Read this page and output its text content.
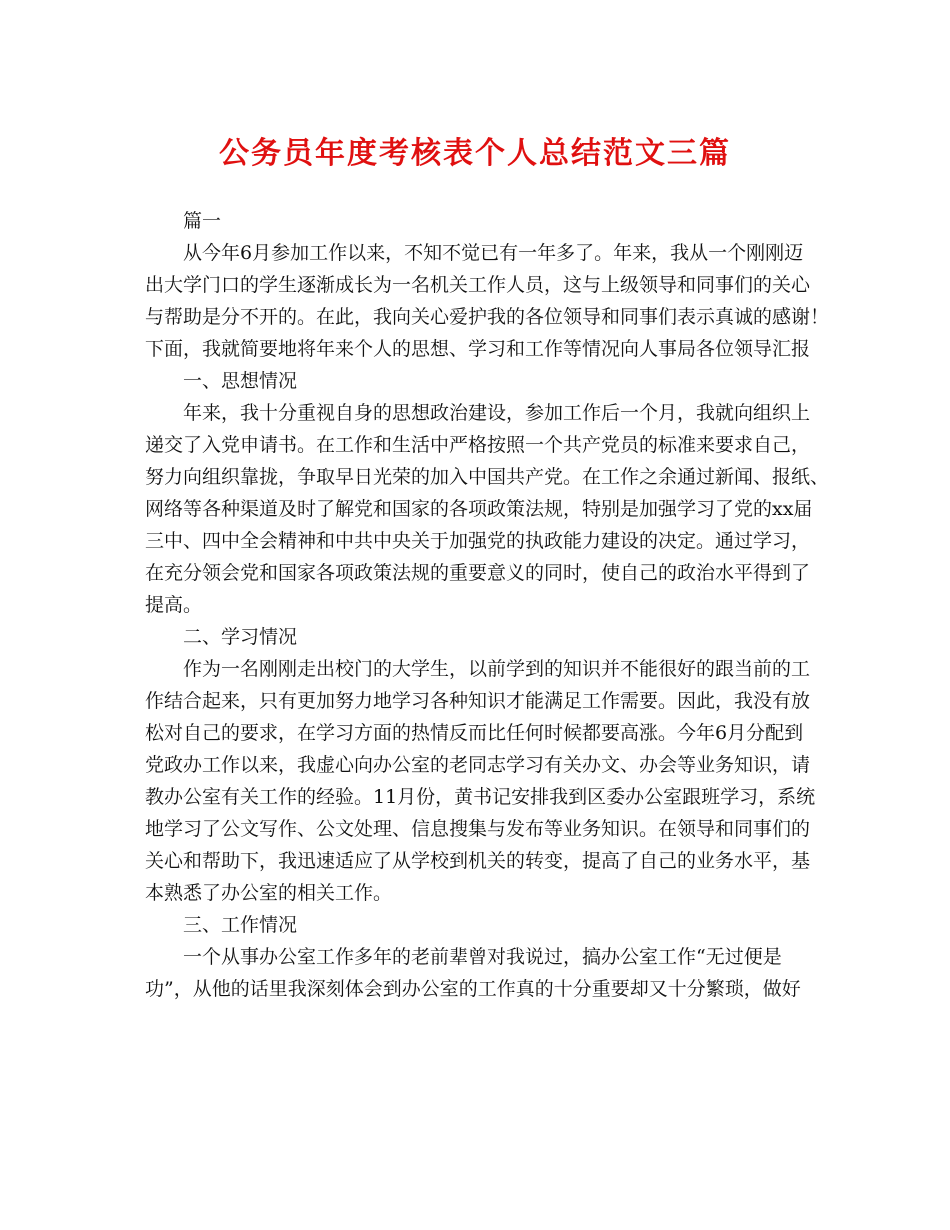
公务员年度考核表个人总结范文三篇
篇一
从今年6月参加工作以来，不知不觉已有一年多了。年来，我从一个刚刚迈
出大学门口的学生逐渐成长为一名机关工作人员，这与上级领导和同事们的关心
与帮助是分不开的。在此，我向关心爱护我的各位领导和同事们表示真诚的感谢！
下面，我就简要地将年来个人的思想、学习和工作等情况向人事局各位领导汇报
一、思想情况
年来，我十分重视自身的思想政治建设，参加工作后一个月，我就向组织上
递交了入党申请书。在工作和生活中严格按照一个共产党员的标准来要求自己，
努力向组织靠拢，争取早日光荣的加入中国共产党。在工作之余通过新闻、报纸、
网络等各种渠道及时了解党和国家的各项政策法规，特别是加强学习了党的xx届
三中、四中全会精神和中共中央关于加强党的执政能力建设的决定。通过学习，
在充分领会党和国家各项政策法规的重要意义的同时，使自己的政治水平得到了
提高。
二、学习情况
作为一名刚刚走出校门的大学生，以前学到的知识并不能很好的跟当前的工
作结合起来，只有更加努力地学习各种知识才能满足工作需要。因此，我没有放
松对自己的要求，在学习方面的热情反而比任何时候都要高涨。今年6月分配到
党政办工作以来，我虚心向办公室的老同志学习有关办文、办会等业务知识，请
教办公室有关工作的经验。11月份，黄书记安排我到区委办公室跟班学习，系统
地学习了公文写作、公文处理、信息搜集与发布等业务知识。在领导和同事们的
关心和帮助下，我迅速适应了从学校到机关的转变，提高了自己的业务水平，基
本熟悉了办公室的相关工作。
三、工作情况
一个从事办公室工作多年的老前辈曾对我说过，搞办公室工作“无过便是
功”，从他的话里我深刻体会到办公室的工作真的十分重要却又十分繁琐，做好
